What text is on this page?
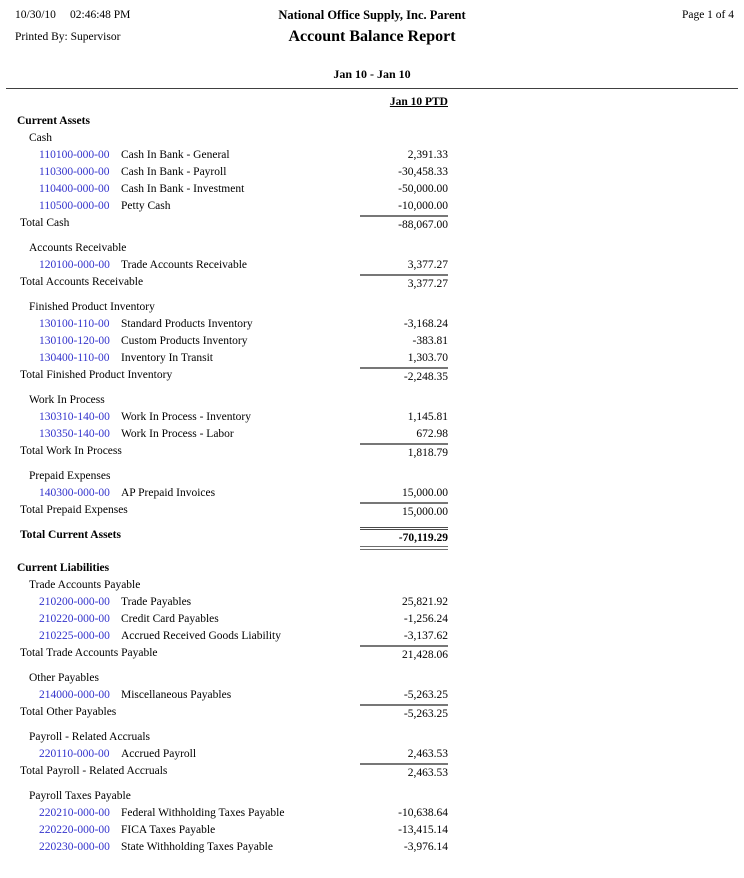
10/30/10 02:46:48 PM	National Office Supply, Inc. Parent	Page 1 of 4
Printed By: Supervisor	Account Balance Report
Jan 10 - Jan 10
Jan 10 PTD
Current Assets
Cash
110100-000-00 Cash In Bank - General	2,391.33
110300-000-00 Cash In Bank - Payroll	-30,458.33
110400-000-00 Cash In Bank - Investment	-50,000.00
110500-000-00 Petty Cash	-10,000.00
Total Cash	-88,067.00
Accounts Receivable
120100-000-00 Trade Accounts Receivable	3,377.27
Total Accounts Receivable	3,377.27
Finished Product Inventory
130100-110-00 Standard Products Inventory	-3,168.24
130100-120-00 Custom Products Inventory	-383.81
130400-110-00 Inventory In Transit	1,303.70
Total Finished Product Inventory	-2,248.35
Work In Process
130310-140-00 Work In Process - Inventory	1,145.81
130350-140-00 Work In Process - Labor	672.98
Total Work In Process	1,818.79
Prepaid Expenses
140300-000-00 AP Prepaid Invoices	15,000.00
Total Prepaid Expenses	15,000.00
Total Current Assets	-70,119.29
Current Liabilities
Trade Accounts Payable
210200-000-00 Trade Payables	25,821.92
210220-000-00 Credit Card Payables	-1,256.24
210225-000-00 Accrued Received Goods Liability	-3,137.62
Total Trade Accounts Payable	21,428.06
Other Payables
214000-000-00 Miscellaneous Payables	-5,263.25
Total Other Payables	-5,263.25
Payroll - Related Accruals
220110-000-00 Accrued Payroll	2,463.53
Total Payroll - Related Accruals	2,463.53
Payroll Taxes Payable
220210-000-00 Federal Withholding Taxes Payable	-10,638.64
220220-000-00 FICA Taxes Payable	-13,415.14
220230-000-00 State Withholding Taxes Payable	-3,976.14
